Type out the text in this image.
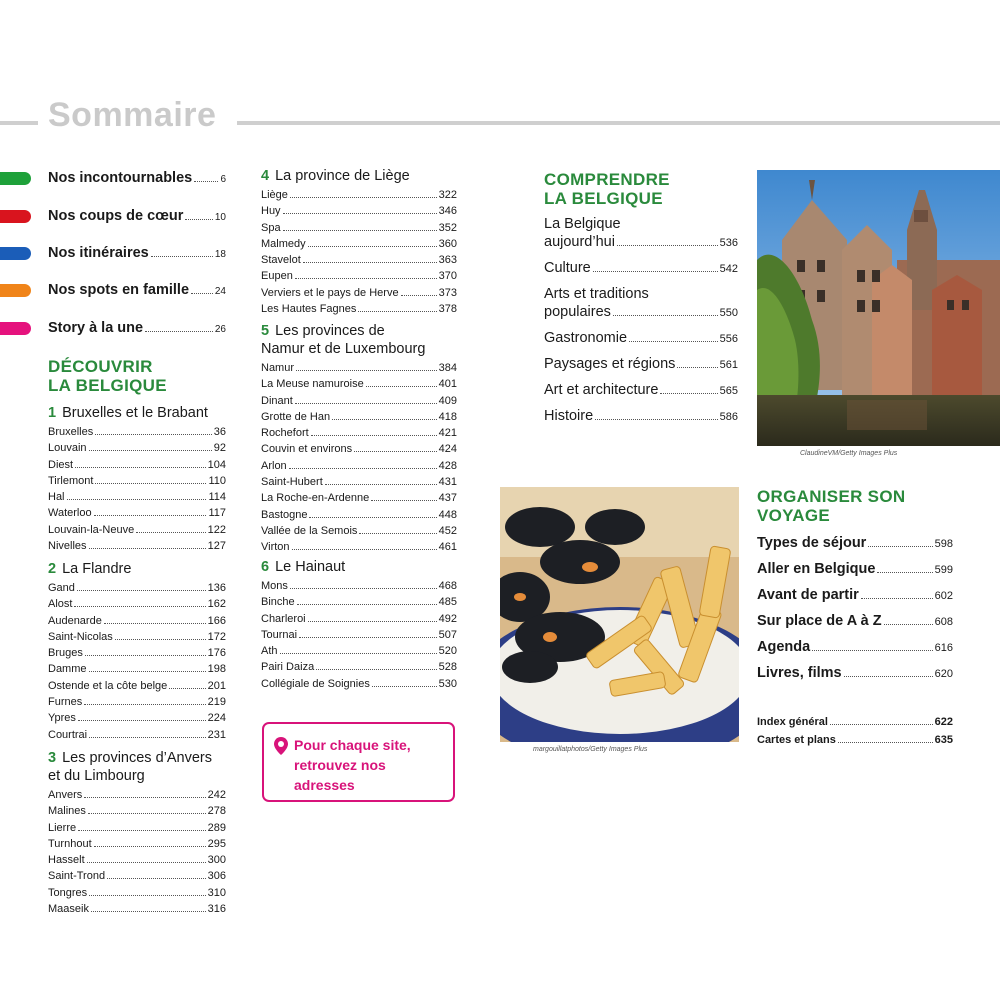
Sommaire
Nos incontournables	6
Nos coups de cœur	10
Nos itinéraires	18
Nos spots en famille	24
Story à la une	26
DÉCOUVRIR
LA BELGIQUE
1 Bruxelles et le Brabant
Bruxelles	36
Louvain	92
Diest	104
Tirlemont	110
Hal	114
Waterloo	117
Louvain-la-Neuve	122
Nivelles	127
2 La Flandre
Gand	136
Alost	162
Audenarde	166
Saint-Nicolas	172
Bruges	176
Damme	198
Ostende et la côte belge	201
Furnes	219
Ypres	224
Courtrai	231
3 Les provinces d’Anvers
et du Limbourg
Anvers	242
Malines	278
Lierre	289
Turnhout	295
Hasselt	300
Saint-Trond	306
Tongres	310
Maaseik	316
4 La province de Liège
Liège	322
Huy	346
Spa	352
Malmedy	360
Stavelot	363
Eupen	370
Verviers et le pays de Herve	373
Les Hautes Fagnes	378
5 Les provinces de
Namur et de Luxembourg
Namur	384
La Meuse namuroise	401
Dinant	409
Grotte de Han	418
Rochefort	421
Couvin et environs	424
Arlon	428
Saint-Hubert	431
La Roche-en-Ardenne	437
Bastogne	448
Vallée de la Semois	452
Virton	461
6 Le Hainaut
Mons	468
Binche	485
Charleroi	492
Tournai	507
Ath	520
Pairi Daiza	528
Collégiale de Soignies	530
Pour chaque site, retrouvez nos adresses
COMPRENDRE
LA BELGIQUE
La Belgique
aujourd’hui	536
Culture	542
Arts et traditions
populaires	550
Gastronomie	556
Paysages et régions	561
Art et architecture	565
Histoire	586
ClaudineVM/Getty Images Plus
margouillatphotos/Getty Images Plus
ORGANISER SON
VOYAGE
Types de séjour	598
Aller en Belgique	599
Avant de partir	602
Sur place de A à Z	608
Agenda	616
Livres, films	620
Index général	622
Cartes et plans	635
